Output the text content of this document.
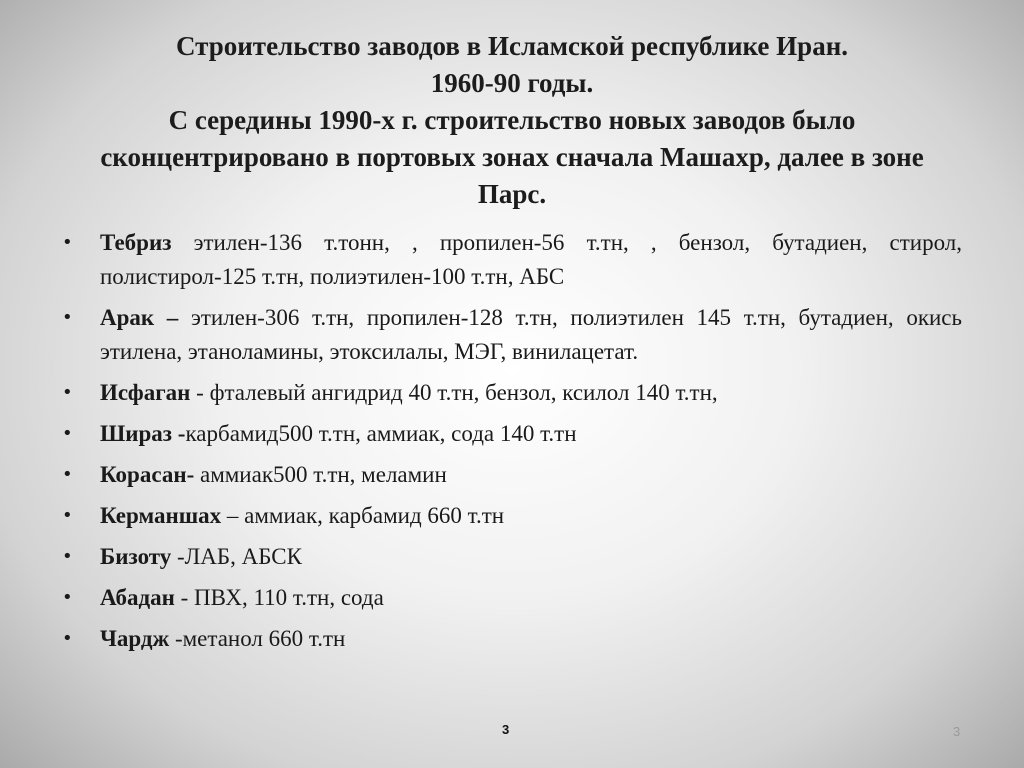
Строительство заводов в Исламской республике Иран.
1960-90 годы.
С середины 1990-х г. строительство новых заводов было
сконцентрировано в портовых зонах сначала Машахр, далее в зоне
Парс.
• Тебриз этилен-136 т.тонн, , пропилен-56 т.тн, , бензол, бутадиен, стирол, полистирол-125 т.тн, полиэтилен-100 т.тн, АБС
• Арак – этилен-306 т.тн, пропилен-128 т.тн, полиэтилен 145 т.тн, бутадиен, окись этилена, этаноламины, этоксилалы, МЭГ, винилацетат.
• Исфаган - фталевый ангидрид 40 т.тн, бензол, ксилол 140 т.тн,
• Шираз -карбамид500 т.тн, аммиак, сода 140 т.тн
• Корасан- аммиак500 т.тн, меламин
• Керманшах – аммиак, карбамид 660 т.тн
• Бизоту -ЛАБ, АБСК
• Абадан - ПВХ, 110 т.тн, сода
• Чардж -метанол 660 т.тн
3	3
